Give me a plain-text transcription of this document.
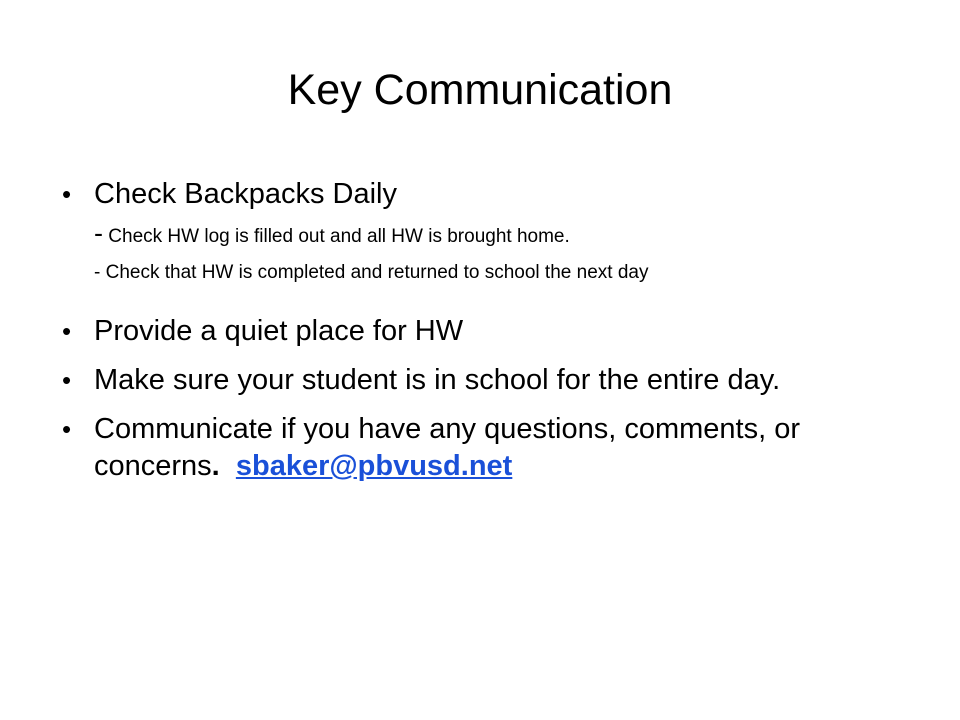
Key Communication
• Check Backpacks Daily
- Check HW log is filled out and all HW is brought home.
- Check that HW is completed and returned to school the next day
• Provide a quiet place for HW
• Make sure your student is in school for the entire day.
• Communicate if you have any questions, comments, or concerns. sbaker@pbvusd.net
